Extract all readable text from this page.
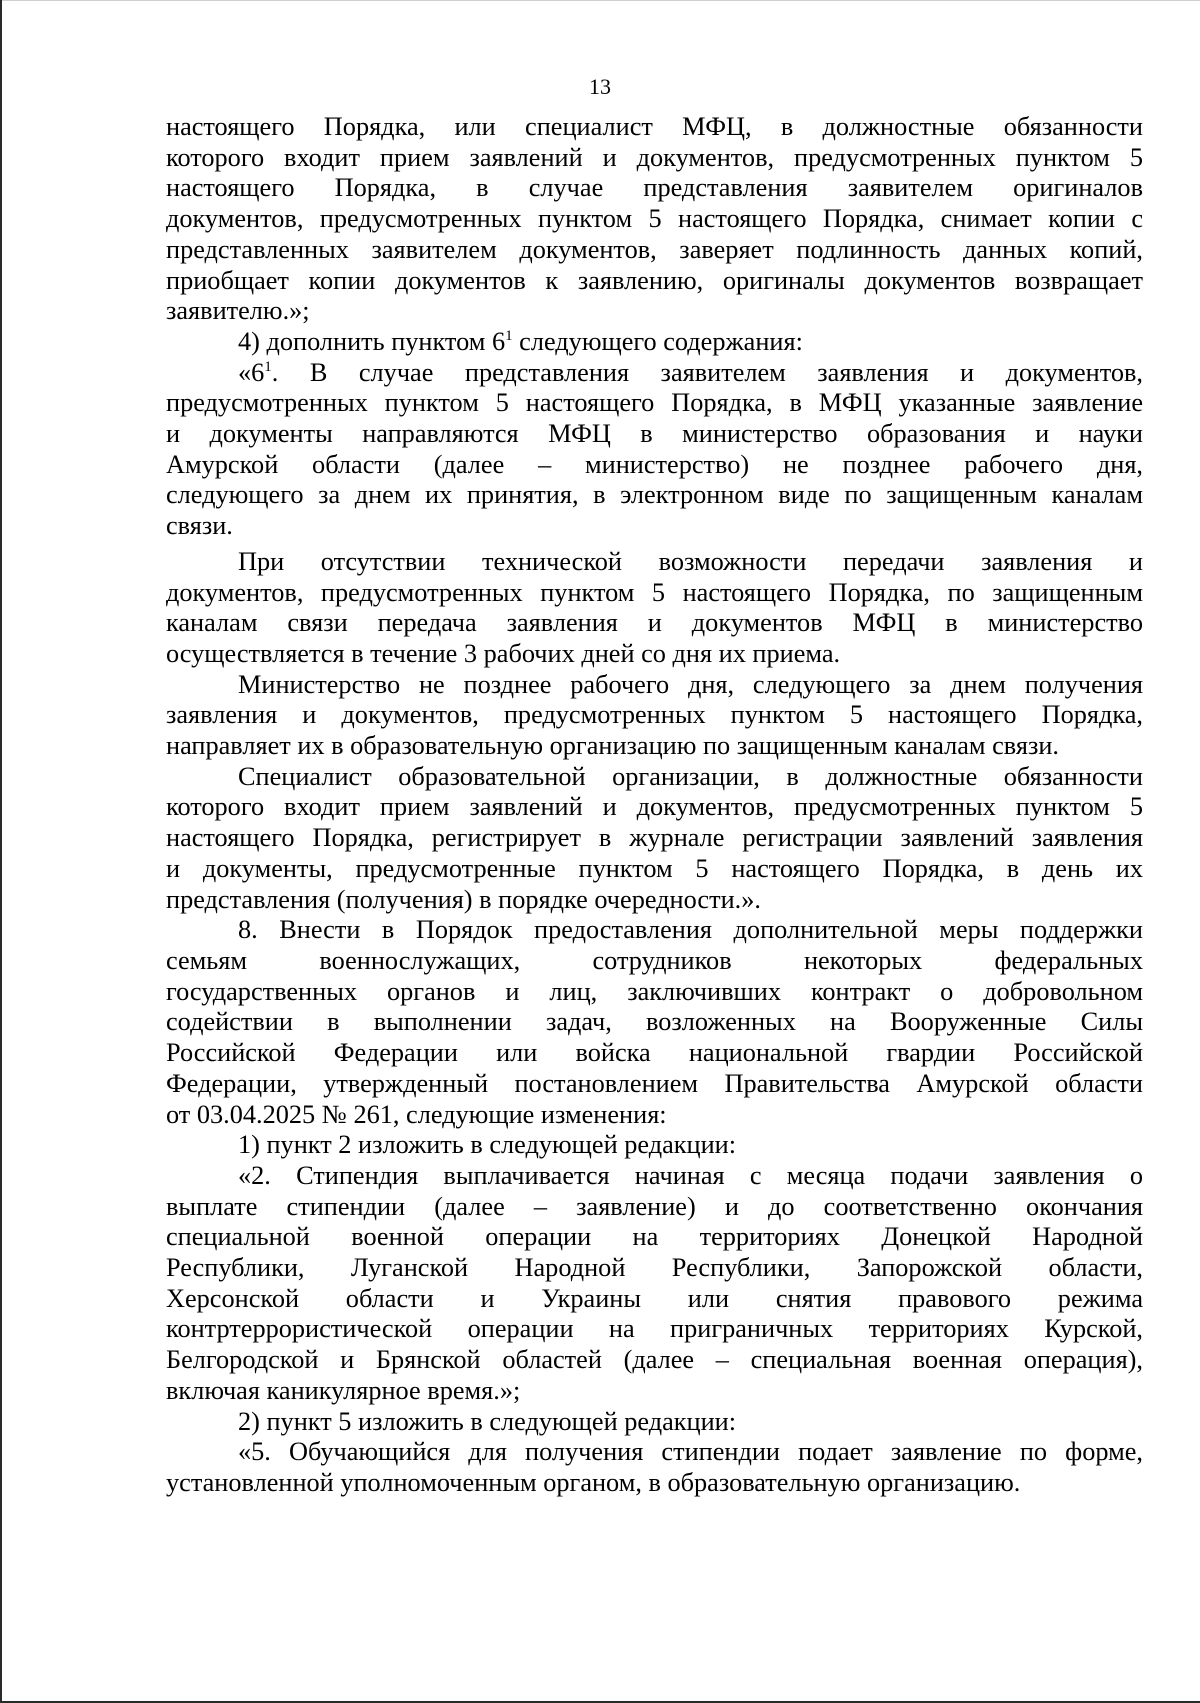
13
настоящего Порядка, или специалист МФЦ, в должностные обязанности
которого входит прием заявлений и документов, предусмотренных пунктом 5
настоящего Порядка, в случае представления заявителем оригиналов
документов, предусмотренных пунктом 5 настоящего Порядка, снимает копии с
представленных заявителем документов, заверяет подлинность данных копий,
приобщает копии документов к заявлению, оригиналы документов возвращает
заявителю.»;
4) дополнить пунктом $6^1$ следующего содержания:
«$6^1$. В случае представления заявителем заявления и документов,
предусмотренных пунктом 5 настоящего Порядка, в МФЦ указанные заявление
и документы направляются МФЦ в министерство образования и науки
Амурской области (далее – министерство) не позднее рабочего дня,
следующего за днем их принятия, в электронном виде по защищенным каналам
связи.
При отсутствии технической возможности передачи заявления и
документов, предусмотренных пунктом 5 настоящего Порядка, по защищенным
каналам связи передача заявления и документов МФЦ в министерство
осуществляется в течение 3 рабочих дней со дня их приема.
Министерство не позднее рабочего дня, следующего за днем получения
заявления и документов, предусмотренных пунктом 5 настоящего Порядка,
направляет их в образовательную организацию по защищенным каналам связи.
Специалист образовательной организации, в должностные обязанности
которого входит прием заявлений и документов, предусмотренных пунктом 5
настоящего Порядка, регистрирует в журнале регистрации заявлений заявления
и документы, предусмотренные пунктом 5 настоящего Порядка, в день их
представления (получения) в порядке очередности.».
8. Внести в Порядок предоставления дополнительной меры поддержки
семьям военнослужащих, сотрудников некоторых федеральных
государственных органов и лиц, заключивших контракт о добровольном
содействии в выполнении задач, возложенных на Вооруженные Силы
Российской Федерации или войска национальной гвардии Российской
Федерации, утвержденный постановлением Правительства Амурской области
от 03.04.2025 № 261, следующие изменения:
1) пункт 2 изложить в следующей редакции:
«2. Стипендия выплачивается начиная с месяца подачи заявления о
выплате стипендии (далее – заявление) и до соответственно окончания
специальной военной операции на территориях Донецкой Народной
Республики, Луганской Народной Республики, Запорожской области,
Херсонской области и Украины или снятия правового режима
контртеррористической операции на приграничных территориях Курской,
Белгородской и Брянской областей (далее – специальная военная операция),
включая каникулярное время.»;
2) пункт 5 изложить в следующей редакции:
«5. Обучающийся для получения стипендии подает заявление по форме,
установленной уполномоченным органом, в образовательную организацию.
